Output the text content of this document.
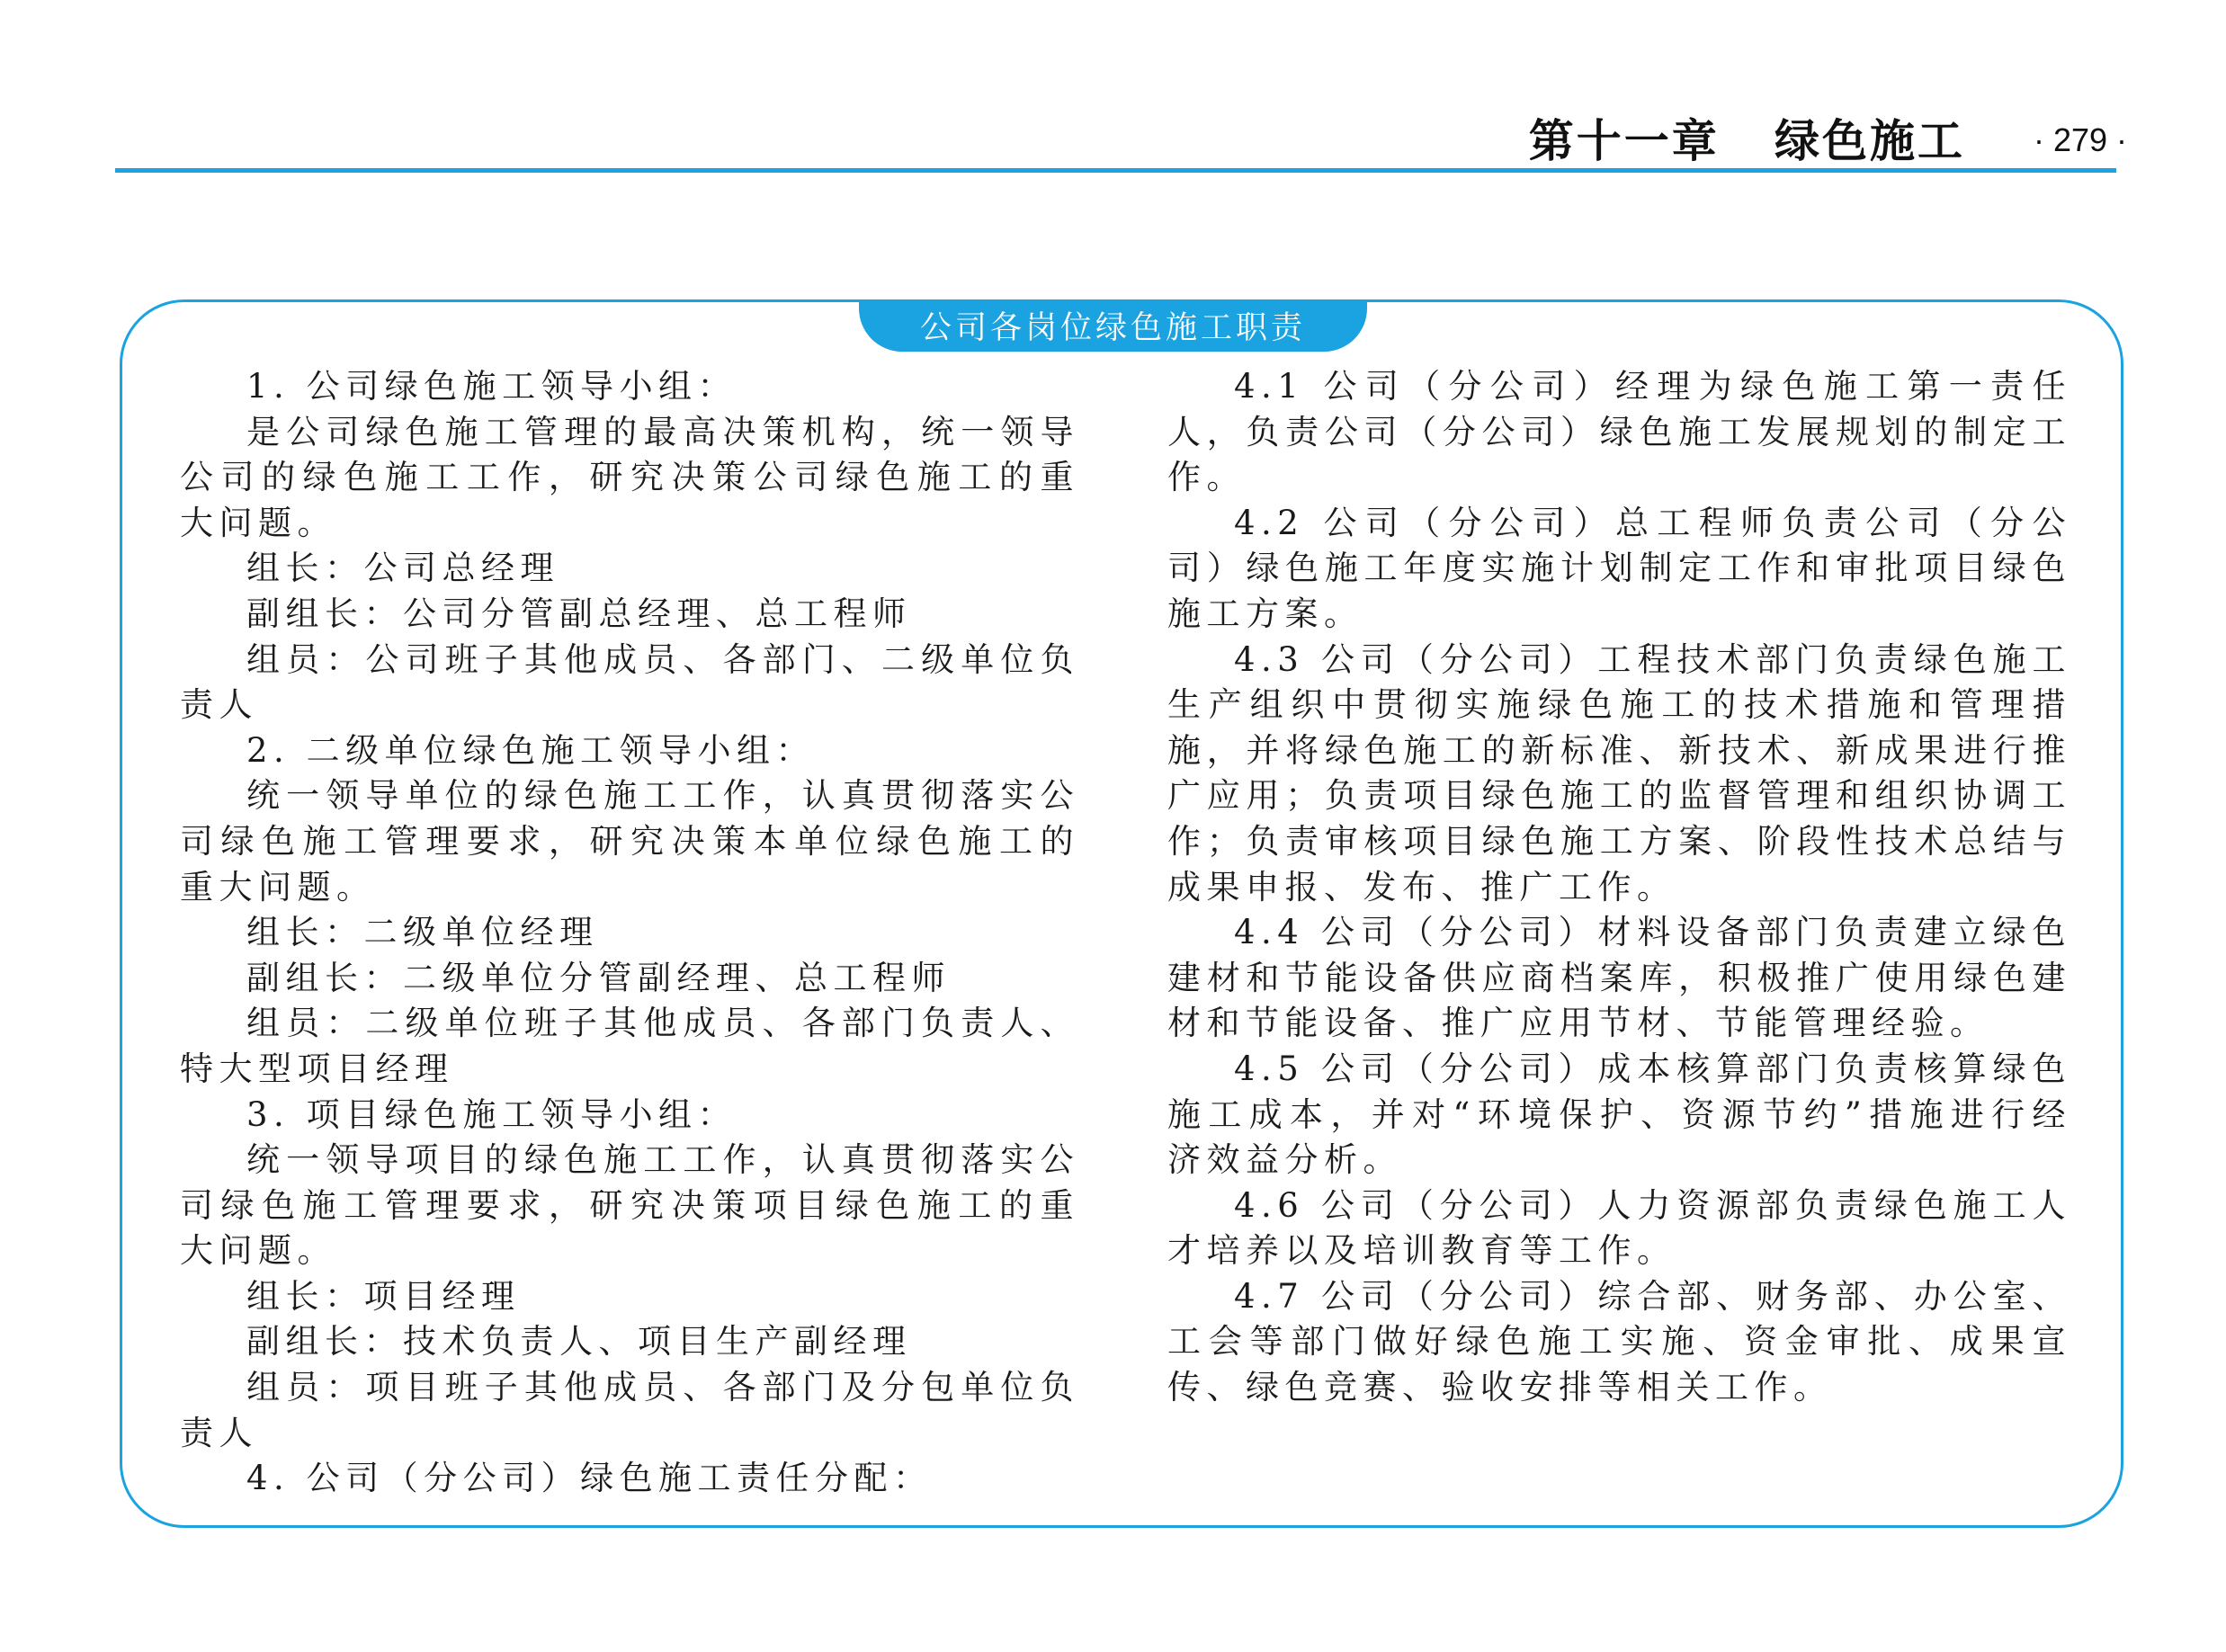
第十一章   绿色施工 · 279 ·
公司各岗位绿色施工职责

1. 公司绿色施工领导小组：

是公司绿色施工管理的最高决策机构，统一领导公司的绿色施工工作，研究决策公司绿色施工的重大问题。

组长：公司总经理

副组长：公司分管副总经理、总工程师

组员：公司班子其他成员、各部门、二级单位负责人

2. 二级单位绿色施工领导小组：

统一领导单位的绿色施工工作，认真贯彻落实公司绿色施工管理要求，研究决策本单位绿色施工的重大问题。

组长：二级单位经理

副组长：二级单位分管副经理、总工程师

组员：二级单位班子其他成员、各部门负责人、特大型项目经理

3. 项目绿色施工领导小组：

统一领导项目的绿色施工工作，认真贯彻落实公司绿色施工管理要求，研究决策项目绿色施工的重大问题。

组长：项目经理

副组长：技术负责人、项目生产副经理

组员：项目班子其他成员、各部门及分包单位负责人

4. 公司（分公司）绿色施工责任分配：

4.1 公司（分公司）经理为绿色施工第一责任人，负责公司（分公司）绿色施工发展规划的制定工作。

4.2 公司（分公司）总工程师负责公司（分公司）绿色施工年度实施计划制定工作和审批项目绿色施工方案。

4.3 公司（分公司）工程技术部门负责绿色施工生产组织中贯彻实施绿色施工的技术措施和管理措施，并将绿色施工的新标准、新技术、新成果进行推广应用；负责项目绿色施工的监督管理和组织协调工作；负责审核项目绿色施工方案、阶段性技术总结与成果申报、发布、推广工作。

4.4 公司（分公司）材料设备部门负责建立绿色建材和节能设备供应商档案库，积极推广使用绿色建材和节能设备、推广应用节材、节能管理经验。

4.5 公司（分公司）成本核算部门负责核算绿色施工成本，并对“环境保护、资源节约”措施进行经济效益分析。

4.6 公司（分公司）人力资源部负责绿色施工人才培养以及培训教育等工作。

4.7 公司（分公司）综合部、财务部、办公室、工会等部门做好绿色施工实施、资金审批、成果宣传、绿色竞赛、验收安排等相关工作。
